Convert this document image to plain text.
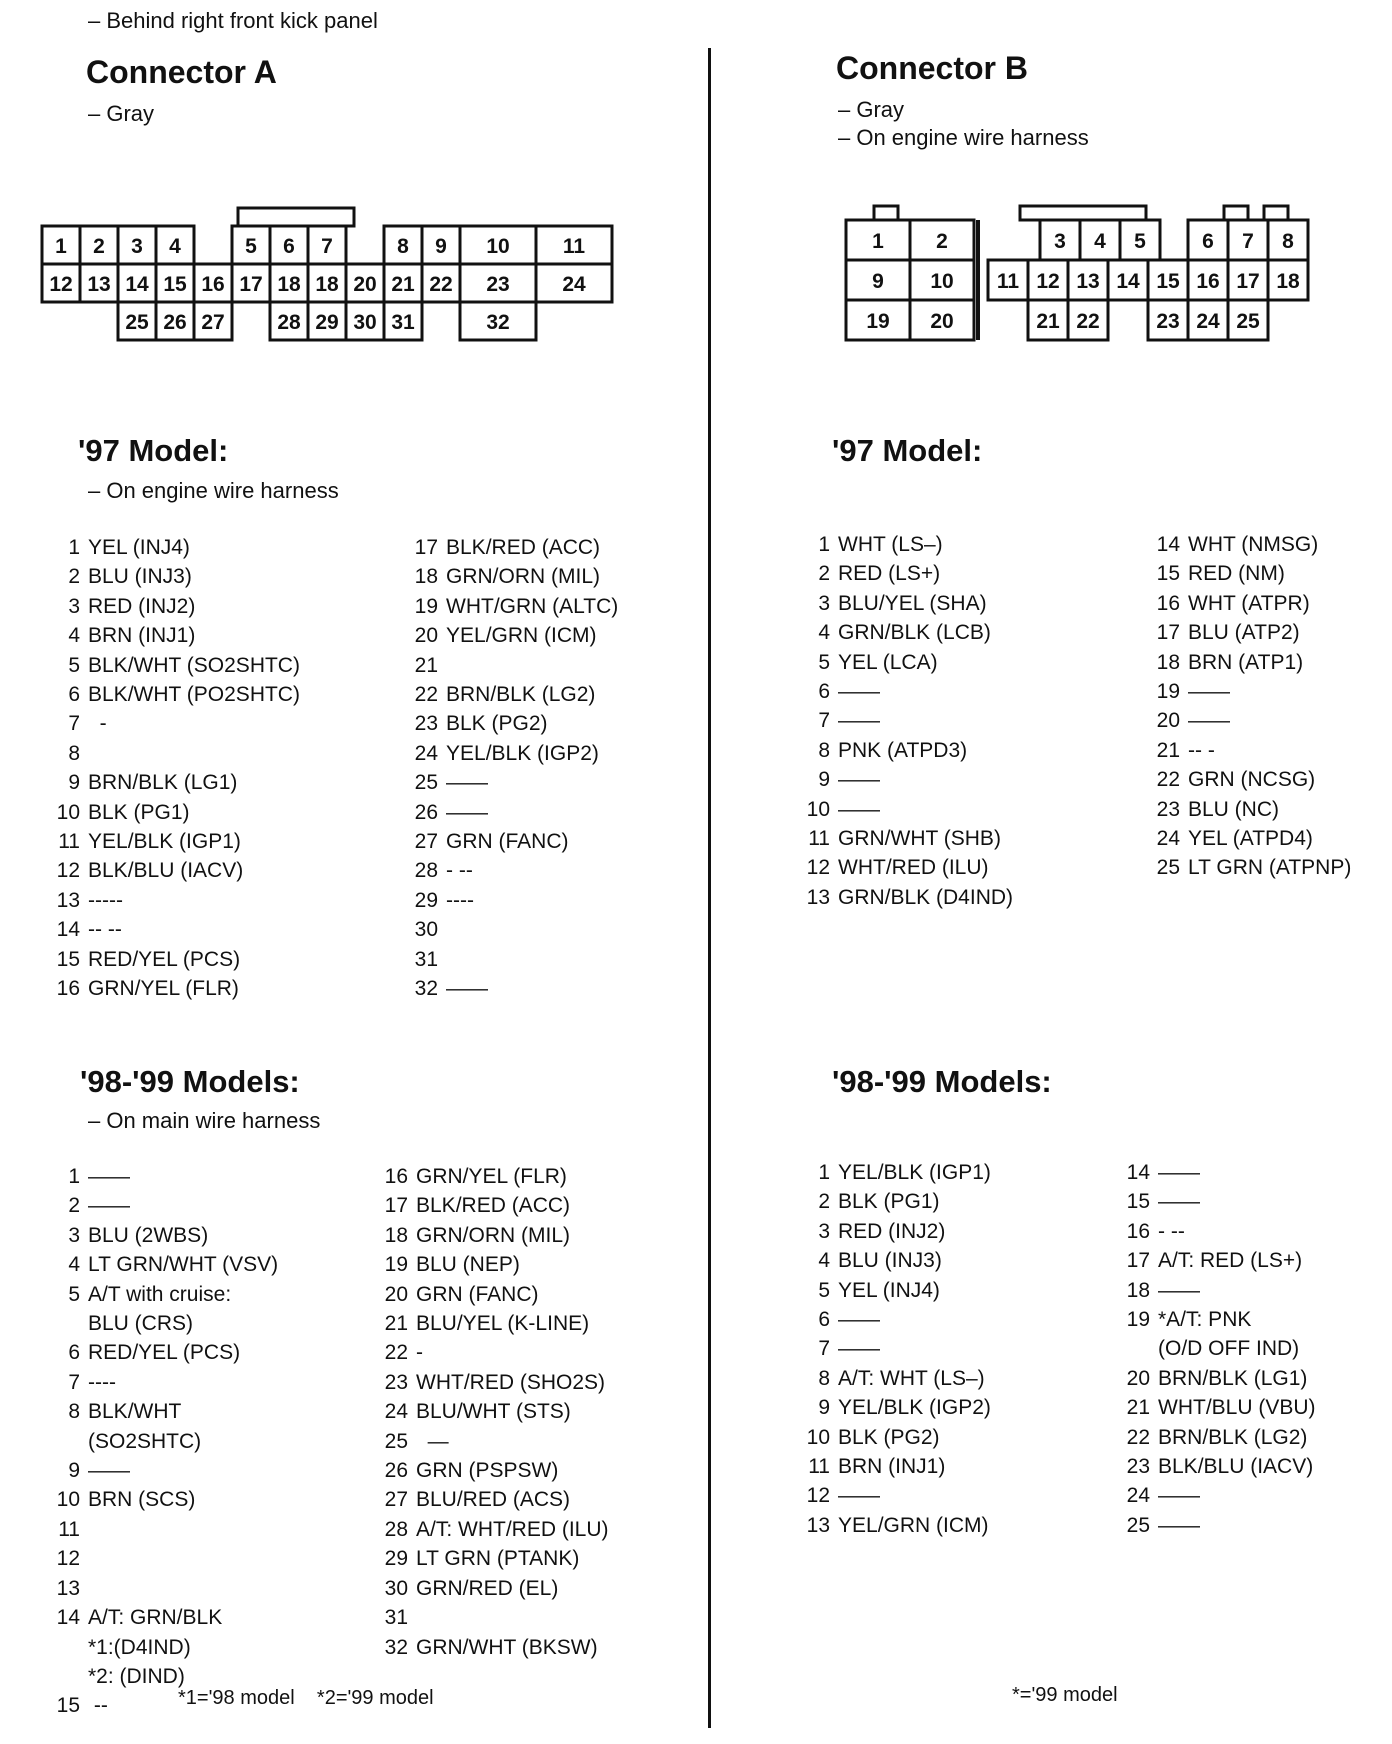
– Behind right front kick panel
Connector A
– Gray
1 2 3 4	5 6 7	8 9 10	11
12 13 14 15 16 17 18 18 20 21 22 23	24
25 26 27	28 29 30 31	32
'97 Model:
– On engine wire harness
1 YEL (INJ4)
2 BLU (INJ3)
3 RED (INJ2)
4 BRN (INJ1)
5 BLK/WHT (SO2SHTC)
6 BLK/WHT (PO2SHTC)
7 -
8
9 BRN/BLK (LG1)
10 BLK (PG1)
11 YEL/BLK (IGP1)
12 BLK/BLU (IACV)
13 -----
14 -- --
15 RED/YEL (PCS)
16 GRN/YEL (FLR)
17 BLK/RED (ACC)
18 GRN/ORN (MIL)
19 WHT/GRN (ALTC)
20 YEL/GRN (ICM)
21
22 BRN/BLK (LG2)
23 BLK (PG2)
24 YEL/BLK (IGP2)
25 ——
26 ——
27 GRN (FANC)
28 - --
29 ----
30
31
32 ——
'98-'99 Models:
– On main wire harness
1 ——
2 ——
3 BLU (2WBS)
4 LT GRN/WHT (VSV)
5 A/T with cruise:
BLU (CRS)
6 RED/YEL (PCS)
7 ----
8 BLK/WHT
(SO2SHTC)
9 ——
10 BRN (SCS)
11
12
13
14 A/T: GRN/BLK
*1:(D4IND)
*2: (DIND)
15 --
16 GRN/YEL (FLR)
17 BLK/RED (ACC)
18 GRN/ORN (MIL)
19 BLU (NEP)
20 GRN (FANC)
21 BLU/YEL (K-LINE)
22 -
23 WHT/RED (SHO2S)
24 BLU/WHT (STS)
25 —
26 GRN (PSPSW)
27 BLU/RED (ACS)
28 A/T: WHT/RED (ILU)
29 LT GRN (PTANK)
30 GRN/RED (EL)
31
32 GRN/WHT (BKSW)
*1='98 model    *2='99 model
Connector B
– Gray
– On engine wire harness
1 2
9 10
19 20
3 4 5	6 7 8
11 12 13 14 15 16 17 18
21 22	23 24 25
'97 Model:
1 WHT (LS–)
2 RED (LS+)
3 BLU/YEL (SHA)
4 GRN/BLK (LCB)
5 YEL (LCA)
6 ——
7 ——
8 PNK (ATPD3)
9 ——
10 ——
11 GRN/WHT (SHB)
12 WHT/RED (ILU)
13 GRN/BLK (D4IND)
14 WHT (NMSG)
15 RED (NM)
16 WHT (ATPR)
17 BLU (ATP2)
18 BRN (ATP1)
19 ——
20 ——
21 -- -
22 GRN (NCSG)
23 BLU (NC)
24 YEL (ATPD4)
25 LT GRN (ATPNP)
'98-'99 Models:
1 YEL/BLK (IGP1)
2 BLK (PG1)
3 RED (INJ2)
4 BLU (INJ3)
5 YEL (INJ4)
6 ——
7 ——
8 A/T: WHT (LS–)
9 YEL/BLK (IGP2)
10 BLK (PG2)
11 BRN (INJ1)
12 ——
13 YEL/GRN (ICM)
14 ——
15 ——
16 - --
17 A/T: RED (LS+)
18 ——
19 *A/T: PNK
(O/D OFF IND)
20 BRN/BLK (LG1)
21 WHT/BLU (VBU)
22 BRN/BLK (LG2)
23 BLK/BLU (IACV)
24 ——
25 ——
*='99 model
